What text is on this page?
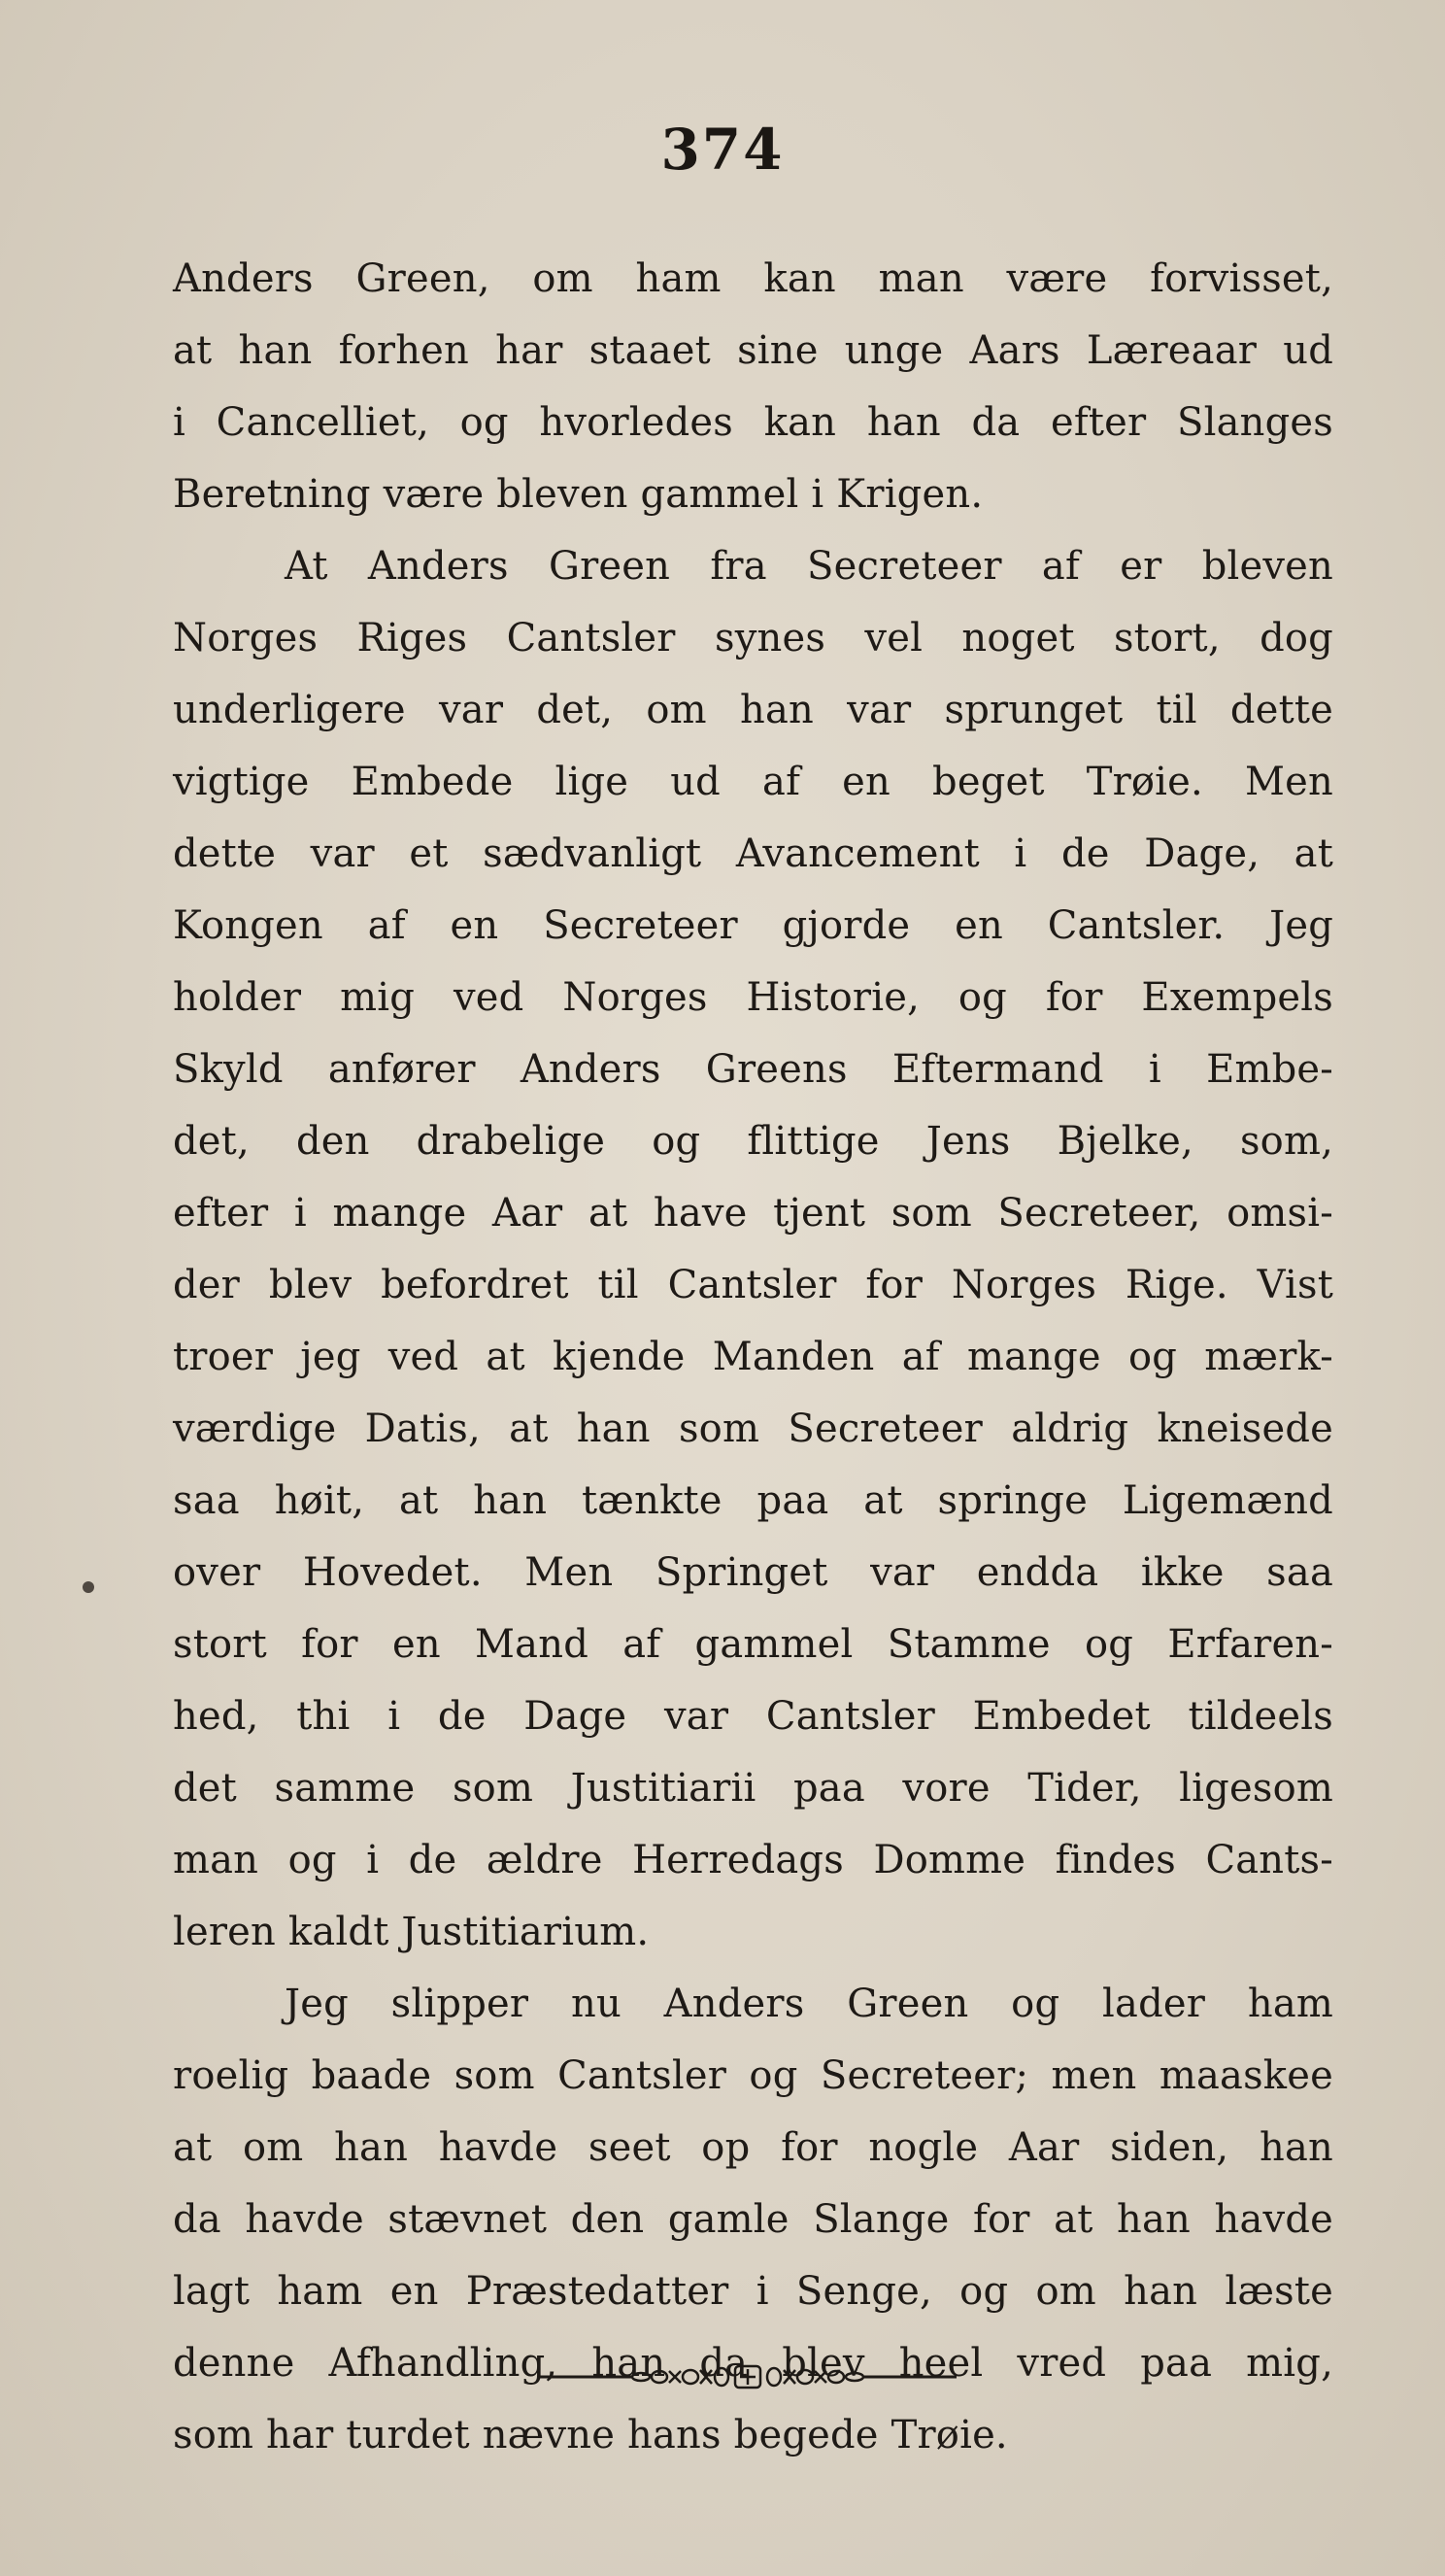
374
Anders Green, om ham kan man være forvisset,
at han forhen har staaet sine unge Aars Læreaar ud
i Cancelliet, og hvorledes kan han da efter Slanges
Beretning være bleven gammel i Krigen.
At Anders Green fra Secreteer af er bleven
Norges Riges Cantsler synes vel noget stort, dog
underligere var det, om han var sprunget til dette
vigtige Embede lige ud af en beget Trøie. Men
dette var et sædvanligt Avancement i de Dage, at
Kongen af en Secreteer gjorde en Cantsler. Jeg
holder mig ved Norges Historie, og for Exempels
Skyld anfører Anders Greens Eftermand i Embe-
det, den drabelige og flittige Jens Bjelke, som,
efter i mange Aar at have tjent som Secreteer, omsi-
der blev befordret til Cantsler for Norges Rige. Vist
troer jeg ved at kjende Manden af mange og mærk-
værdige Datis, at han som Secreteer aldrig kneisede
saa høit, at han tænkte paa at springe Ligemænd
over Hovedet. Men Springet var endda ikke saa
stort for en Mand af gammel Stamme og Erfaren-
hed, thi i de Dage var Cantsler Embedet tildeels
det samme som Justitiarii paa vore Tider, ligesom
man og i de ældre Herredags Domme findes Cants-
leren kaldt Justitiarium.
Jeg slipper nu Anders Green og lader ham
roelig baade som Cantsler og Secreteer; men maaskee
at om han havde seet op for nogle Aar siden, han
da havde stævnet den gamle Slange for at han havde
lagt ham en Præstedatter i Senge, og om han læste
denne Afhandling, han da blev heel vred paa mig,
som har turdet nævne hans begede Trøie.
